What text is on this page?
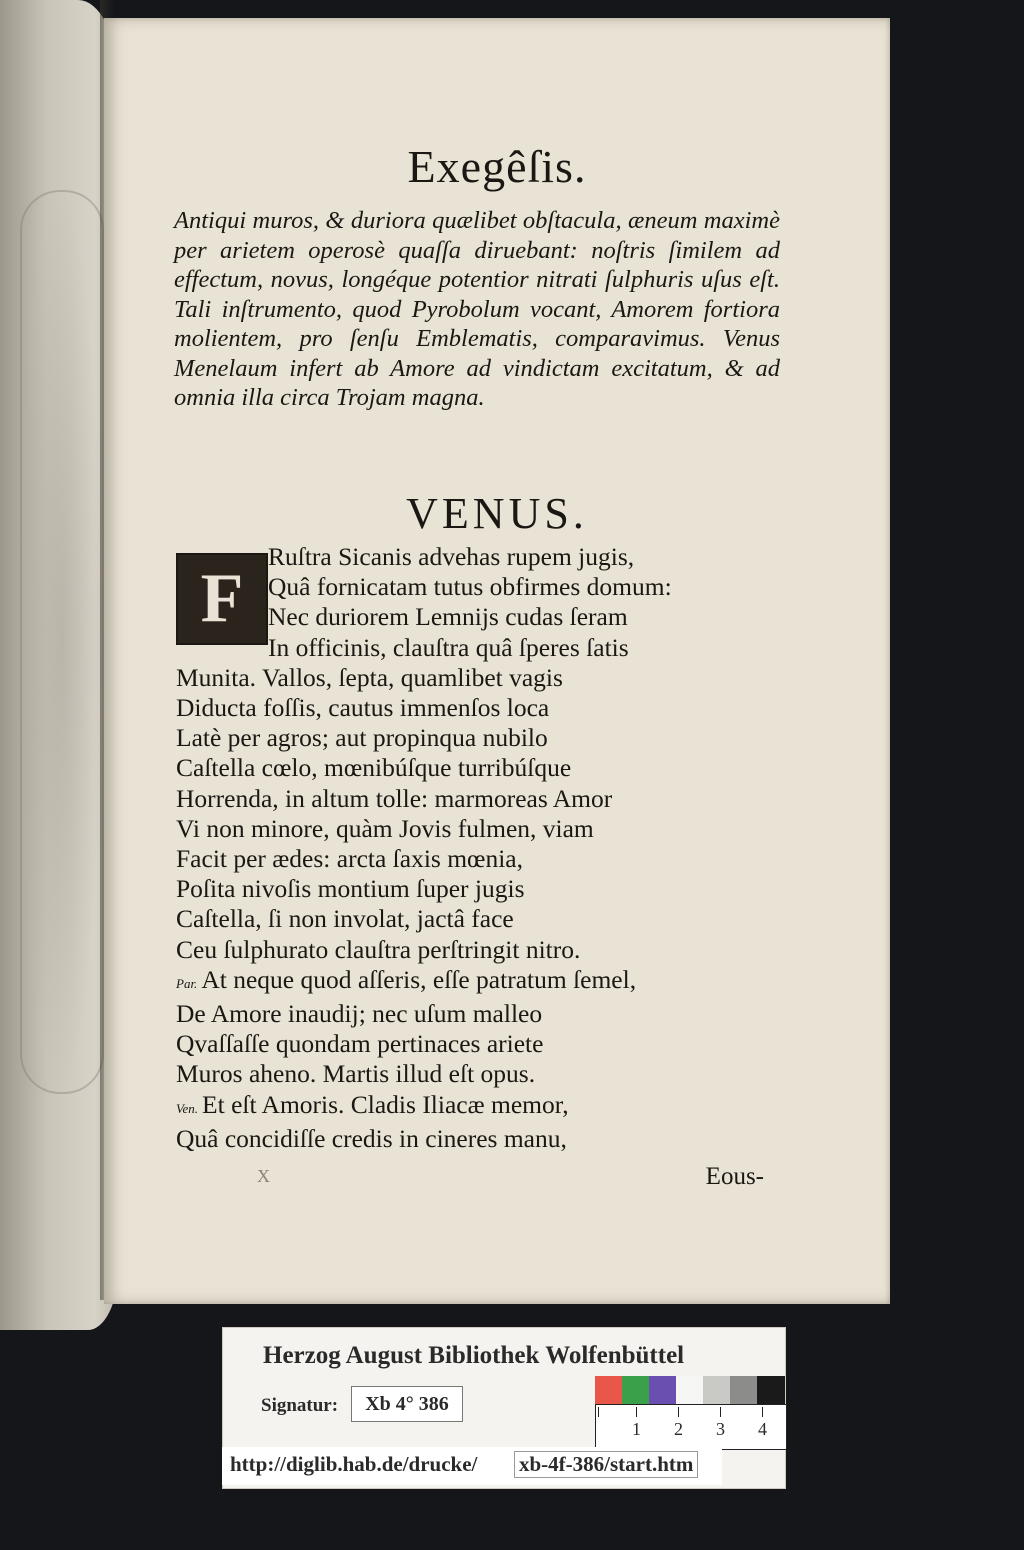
Exegêſis.
Antiqui muros, & duriora quælibet obſtacula, æneum maximè per arietem operosè quaſſa diruebant: noſtris ſimilem ad effectum, novus, longéque potentior nitrati ſulphuris uſus eſt. Tali inſtrumento, quod Pyrobolum vocant, Amorem fortiora molientem, pro ſenſu Emblematis, comparavimus. Venus Menelaum infert ab Amore ad vindictam excitatum, & ad omnia illa circa Trojam magna.
VENUS.
F
Ruſtra Sicanis advehas rupem jugis,
Quâ fornicatam tutus obfirmes domum:
Nec duriorem Lemnijs cudas ſeram
In officinis, clauſtra quâ ſperes ſatis
Munita. Vallos, ſepta, quamlibet vagis
Diducta foſſis, cautus immenſos loca
Latè per agros; aut propinqua nubilo
Caſtella cœlo, mœnibúſque turribúſque
Horrenda, in altum tolle: marmoreas Amor
Vi non minore, quàm Jovis fulmen, viam
Facit per ædes: arcta ſaxis mœnia,
Poſita nivoſis montium ſuper jugis
Caſtella, ſi non involat, jactâ face
Ceu ſulphurato clauſtra perſtringit nitro.
Par. At neque quod aſſeris, eſſe patratum ſemel,
De Amore inaudij; nec uſum malleo
Qvaſſaſſe quondam pertinaces ariete
Muros aheno. Martis illud eſt opus.
Ven. Et eſt Amoris. Cladis Iliacæ memor,
Quâ concidiſſe credis in cineres manu,
X	Eous-
Herzog August Bibliothek Wolfenbüttel
Signatur:	Xb 4° 386
1 2 3 4
http://diglib.hab.de/drucke/ xb-4f-386/start.htm
